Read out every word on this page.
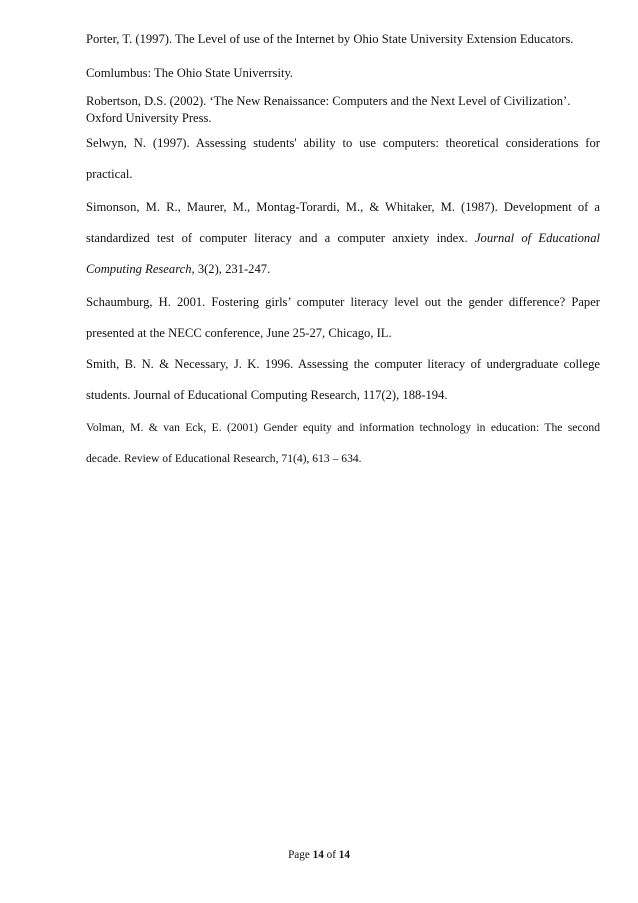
Porter, T. (1997). The Level of use of the Internet by Ohio State University Extension Educators.

Comlumbus: The Ohio State Univerrsity.

Robertson, D.S. (2002). ‘The New Renaissance: Computers and the Next Level of Civilization’.
Oxford University Press.

Selwyn, N. (1997). Assessing students' ability to use computers: theoretical considerations for
practical.

Simonson, M. R., Maurer, M., Montag-Torardi, M., & Whitaker, M. (1987). Development of a
standardized test of computer literacy and a computer anxiety index. Journal of Educational
Computing Research, 3(2), 231-247.

Schaumburg, H. 2001. Fostering girls’ computer literacy level out the gender difference? Paper
presented at the NECC conference, June 25-27, Chicago, IL.

Smith, B. N. & Necessary, J. K. 1996. Assessing the computer literacy of undergraduate college
students. Journal of Educational Computing Research, 117(2), 188-194.

Volman, M. & van Eck, E. (2001) Gender equity and information technology in education: The second
decade. Review of Educational Research, 71(4), 613 – 634.

Page 14 of 14
